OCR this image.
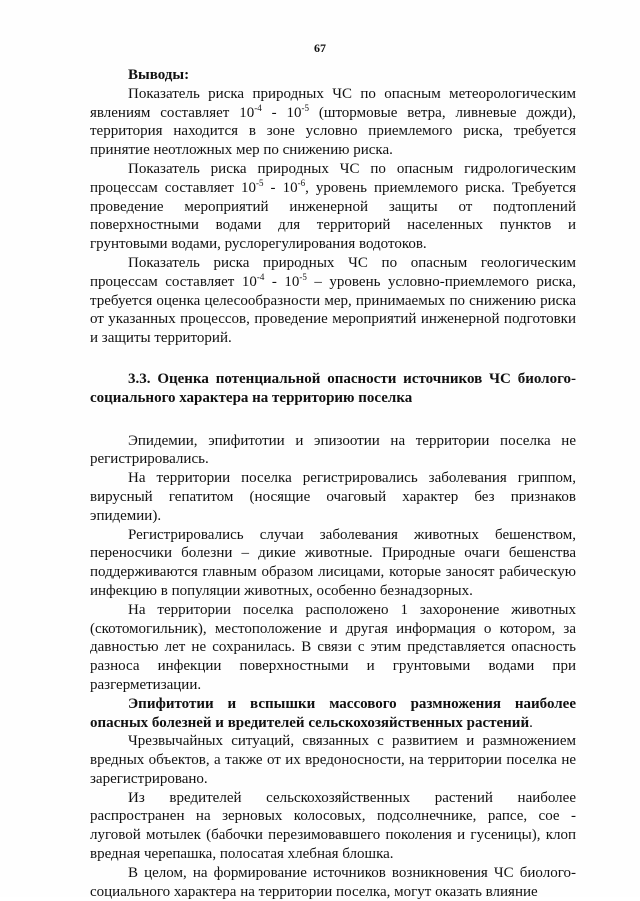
67
Выводы:

Показатель риска природных ЧС по опасным метеорологическим явлениям составляет $10^{-4} - 10^{-5}$ (штормовые ветра, ливневые дожди), территория находится в зоне условно приемлемого риска, требуется принятие неотложных мер по снижению риска.

Показатель риска природных ЧС по опасным гидрологическим процессам составляет $10^{-5} - 10^{-6}$, уровень приемлемого риска. Требуется проведение мероприятий инженерной защиты от подтоплений поверхностными водами для территорий населенных пунктов и грунтовыми водами, русл​орегулирования водотоков.

Показатель риска природных ЧС по опасным геологическим процессам составляет $10^{-4} - 10^{-5}$ – уровень условно-приемлемого риска, требуется оценка целесообразности мер, принимаемых по снижению риска от указанных процессов, проведение мероприятий инженерной подготовки и защиты территорий.

3.3. Оценка потенциальной опасности источников ЧС биолого-социального характера на территорию поселка

Эпидемии, эпифитотии и эпизоотии на территории поселка не регистрировались.

На территории поселка регистрировались заболевания гриппом, вирусный гепатитом (носящие очаговый характер без признаков эпидемии).

Регистрировались случаи заболевания животных бешенством, переносчики болезни – дикие животные. Природные очаги бешенства поддерживаются главным образом лисицами, которые заносят рабическую инфекцию в популяции животных, особенно безнадзорных.

На территории поселка расположено 1 захоронение животных (скотомогильник), местоположение и другая информация о котором, за давностью лет не сохранилась. В связи с этим представляется опасность разноса инфекции поверхностными и грунтовыми водами при разгерметизации.

Эпифитотии и вспышки массового размножения наиболее опасных болезней и вредителей сельскохозяйственных растений.

Чрезвычайных ситуаций, связанных с развитием и размножением вредных объектов, а также от их вредоносности, на территории поселка не зарегистрировано.

Из вредителей сельскохозяйственных растений наиболее распространен на зерновых колосовых, подсолнечнике, рапсе, сое - луговой мотылек (бабочки перезимовавшего поколения и гусеницы), клоп вредная черепашка, полосатая хлебная блошка.

В целом, на формирование источников возникновения ЧС биолого-социального характера на территории поселка, могут оказать влияние
